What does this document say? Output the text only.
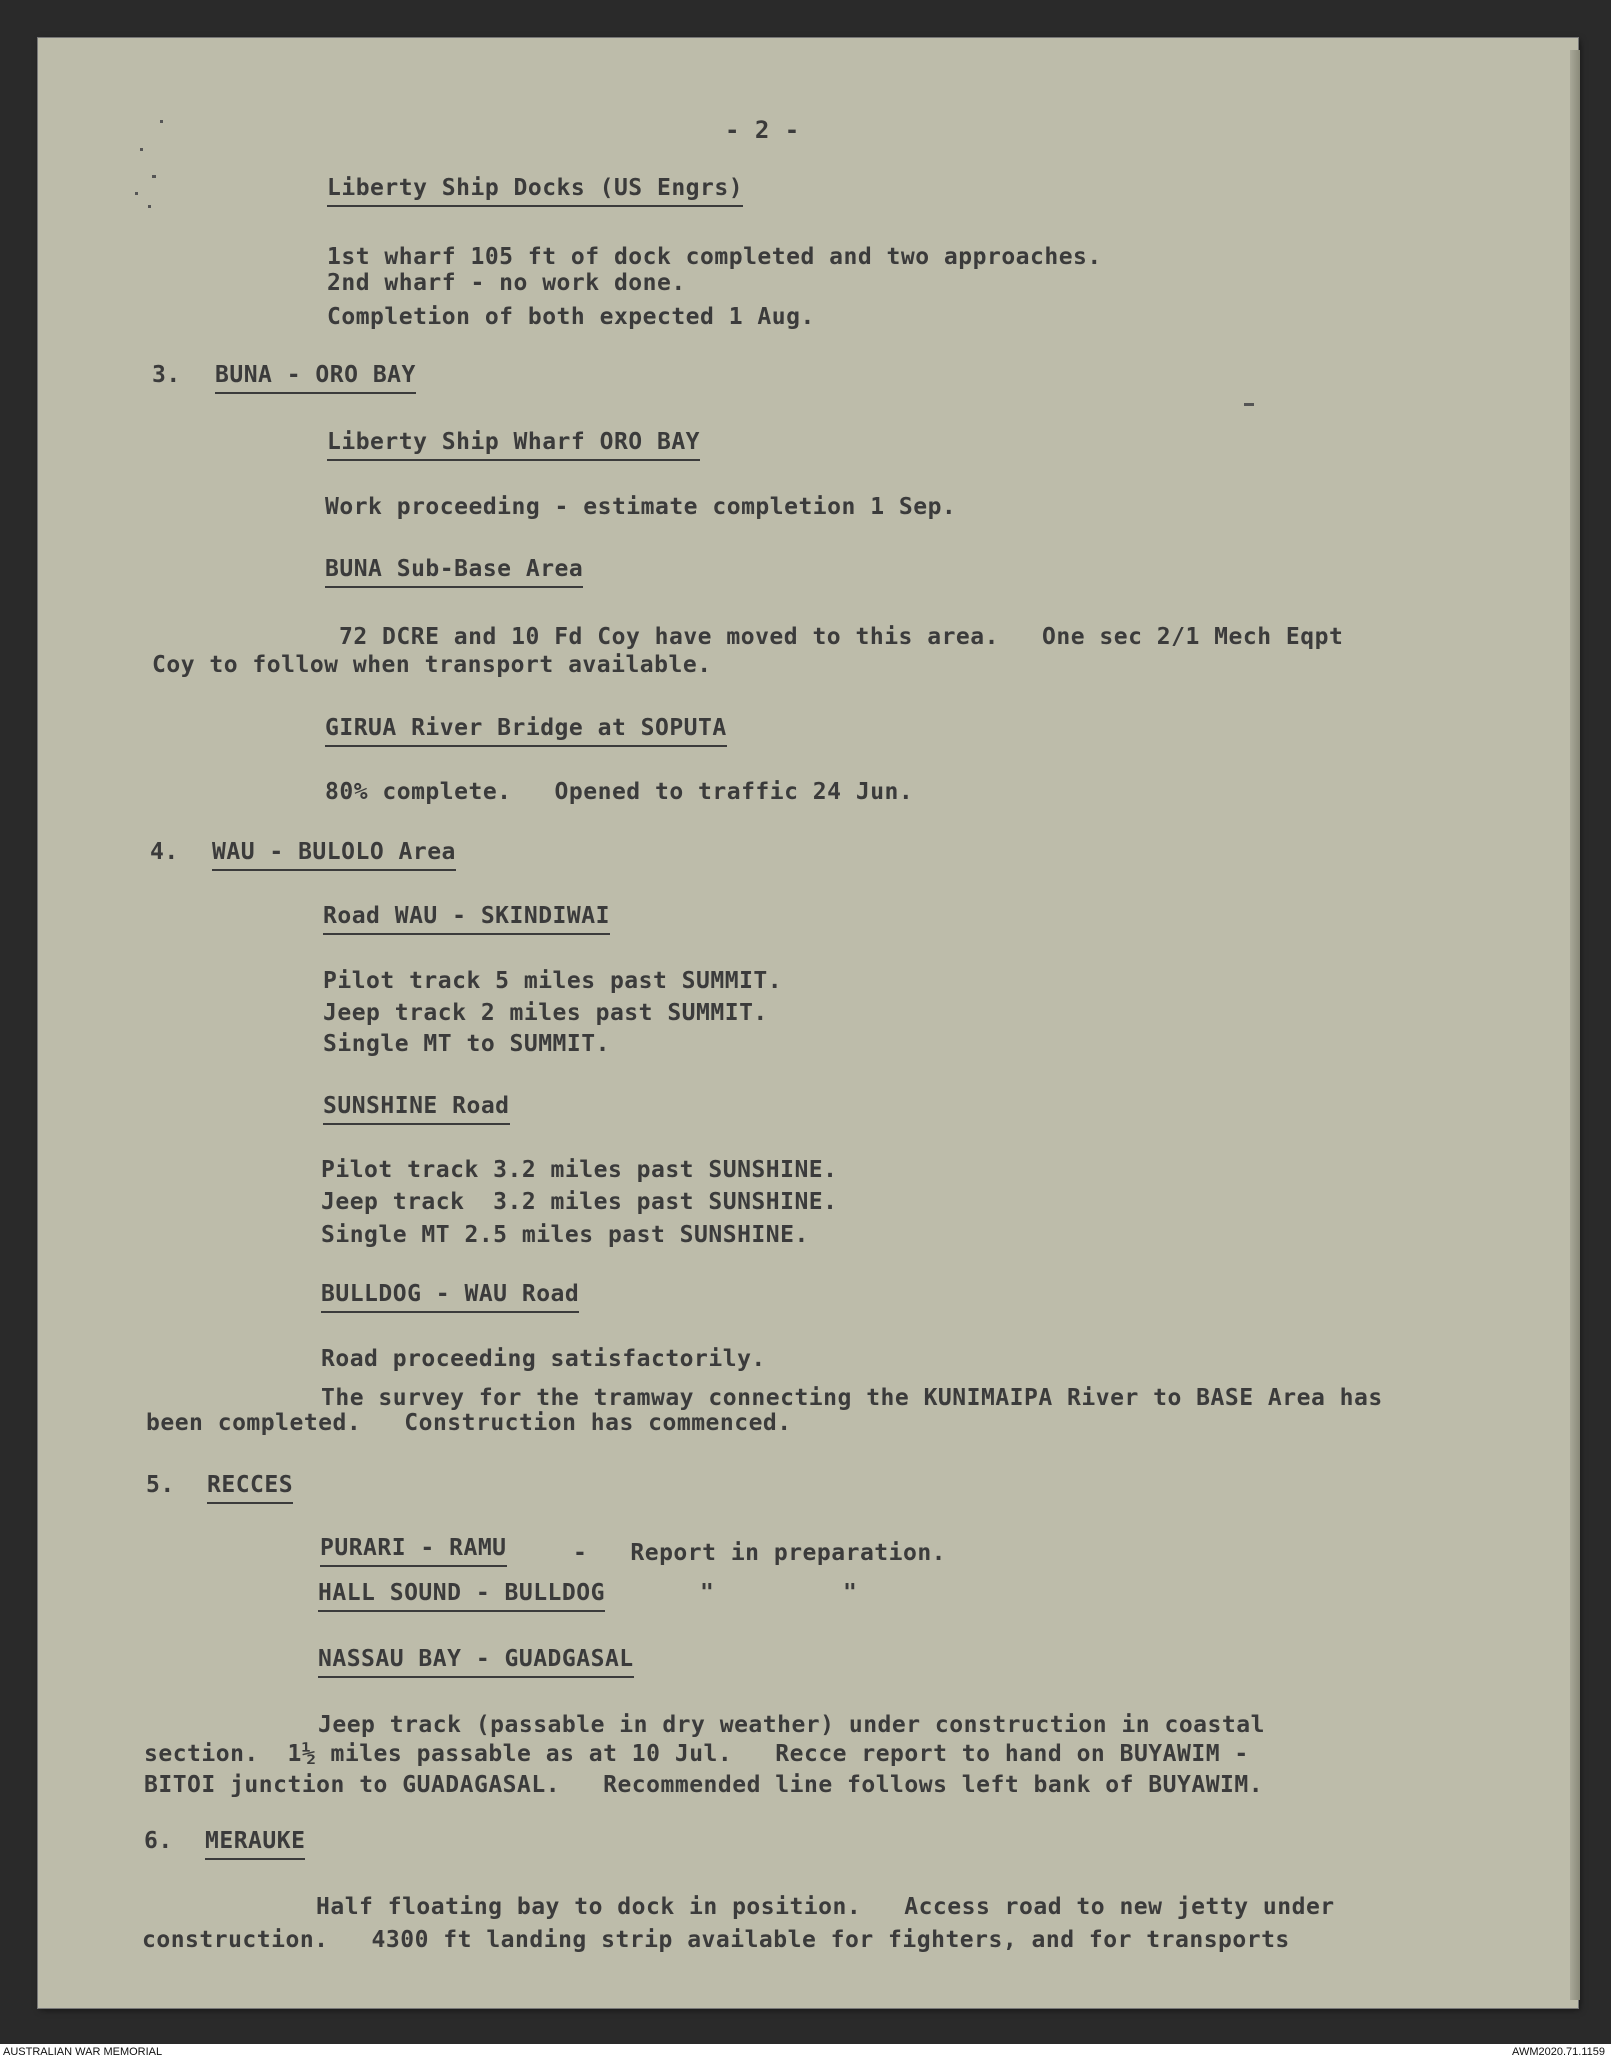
- 2 -
Liberty Ship Docks (US Engrs)
1st wharf 105 ft of dock completed and two approaches.
2nd wharf - no work done.
Completion of both expected 1 Aug.
3. BUNA - ORO BAY
Liberty Ship Wharf ORO BAY
Work proceeding - estimate completion 1 Sep.
BUNA Sub-Base Area
72 DCRE and 10 Fd Coy have moved to this area.   One sec 2/1 Mech Eqpt
Coy to follow when transport available.
GIRUA River Bridge at SOPUTA
80% complete.   Opened to traffic 24 Jun.
4. WAU - BULOLO Area
Road WAU - SKINDIWAI
Pilot track 5 miles past SUMMIT.
Jeep track 2 miles past SUMMIT.
Single MT to SUMMIT.
SUNSHINE Road
Pilot track 3.2 miles past SUNSHINE.
Jeep track  3.2 miles past SUNSHINE.
Single MT 2.5 miles past SUNSHINE.
BULLDOG - WAU Road
Road proceeding satisfactorily.
The survey for the tramway connecting the KUNIMAIPA River to BASE Area has
been completed.   Construction has commenced.
5. RECCES
PURARI - RAMU	-   Report in preparation.
HALL SOUND - BULLDOG	"	"
NASSAU BAY - GUADGASAL
Jeep track (passable in dry weather) under construction in coastal
section.  1½ miles passable as at 10 Jul.   Recce report to hand on BUYAWIM -
BITOI junction to GUADAGASAL.   Recommended line follows left bank of BUYAWIM.
6. MERAUKE
Half floating bay to dock in position.   Access road to new jetty under
construction.   4300 ft landing strip available for fighters, and for transports
AUSTRALIAN WAR MEMORIAL	AWM2020.71.1159
